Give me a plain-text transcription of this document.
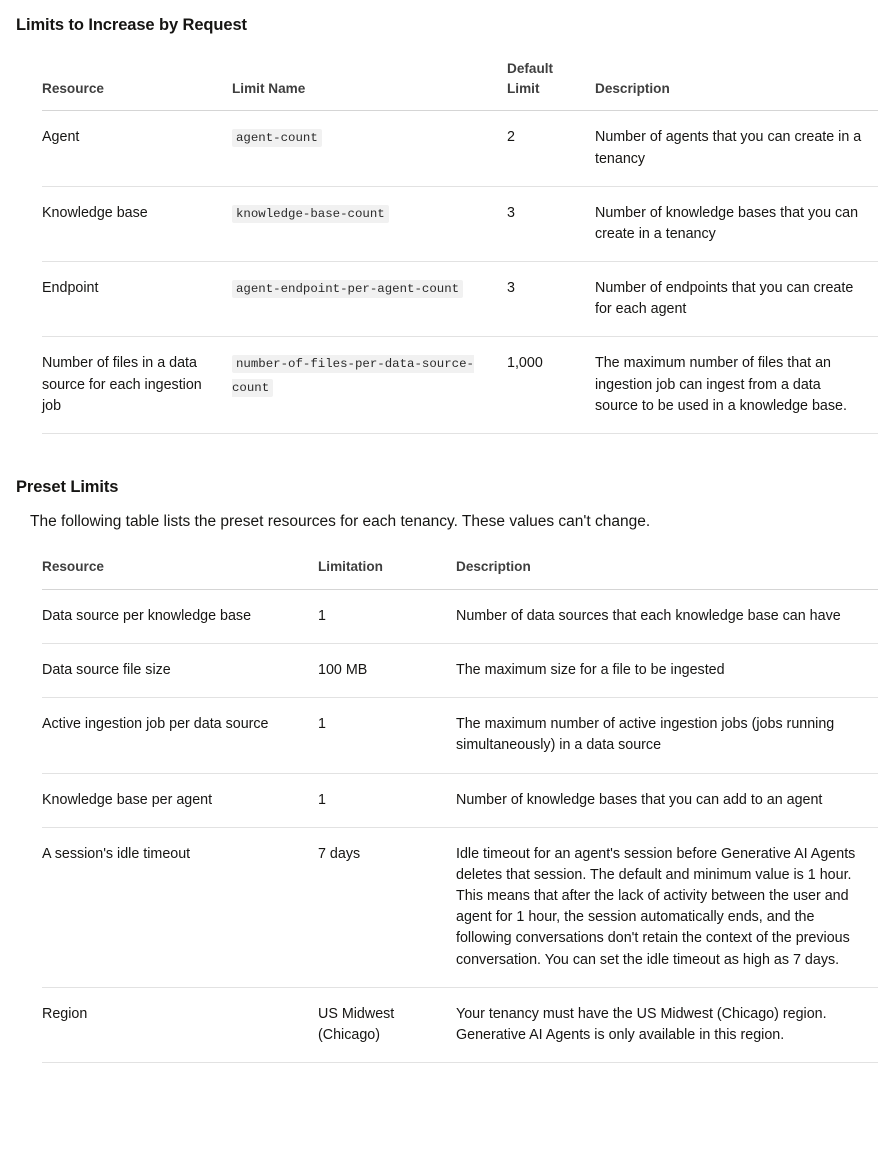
Limits to Increase by Request
Resource	Limit Name	Default Limit	Description
Agent	agent-count	2	Number of agents that you can create in a tenancy
Knowledge base	knowledge-base-count	3	Number of knowledge bases that you can create in a tenancy
Endpoint	agent-endpoint-per-agent-count	3	Number of endpoints that you can create for each agent
Number of files in a data source for each ingestion job	number-of-files-per-data-source-count	1,000	The maximum number of files that an ingestion job can ingest from a data source to be used in a knowledge base.
Preset Limits

The following table lists the preset resources for each tenancy. These values can't change.

Resource	Limitation	Description
Data source per knowledge base	1	Number of data sources that each knowledge base can have
Data source file size	100 MB	The maximum size for a file to be ingested
Active ingestion job per data source	1	The maximum number of active ingestion jobs (jobs running simultaneously) in a data source
Knowledge base per agent	1	Number of knowledge bases that you can add to an agent
A session's idle timeout	7 days	Idle timeout for an agent's session before Generative AI Agents deletes that session. The default and minimum value is 1 hour. This means that after the lack of activity between the user and agent for 1 hour, the session automatically ends, and the following conversations don't retain the context of the previous conversation. You can set the idle timeout as high as 7 days.
Region	US Midwest (Chicago)	Your tenancy must have the US Midwest (Chicago) region. Generative AI Agents is only available in this region.
